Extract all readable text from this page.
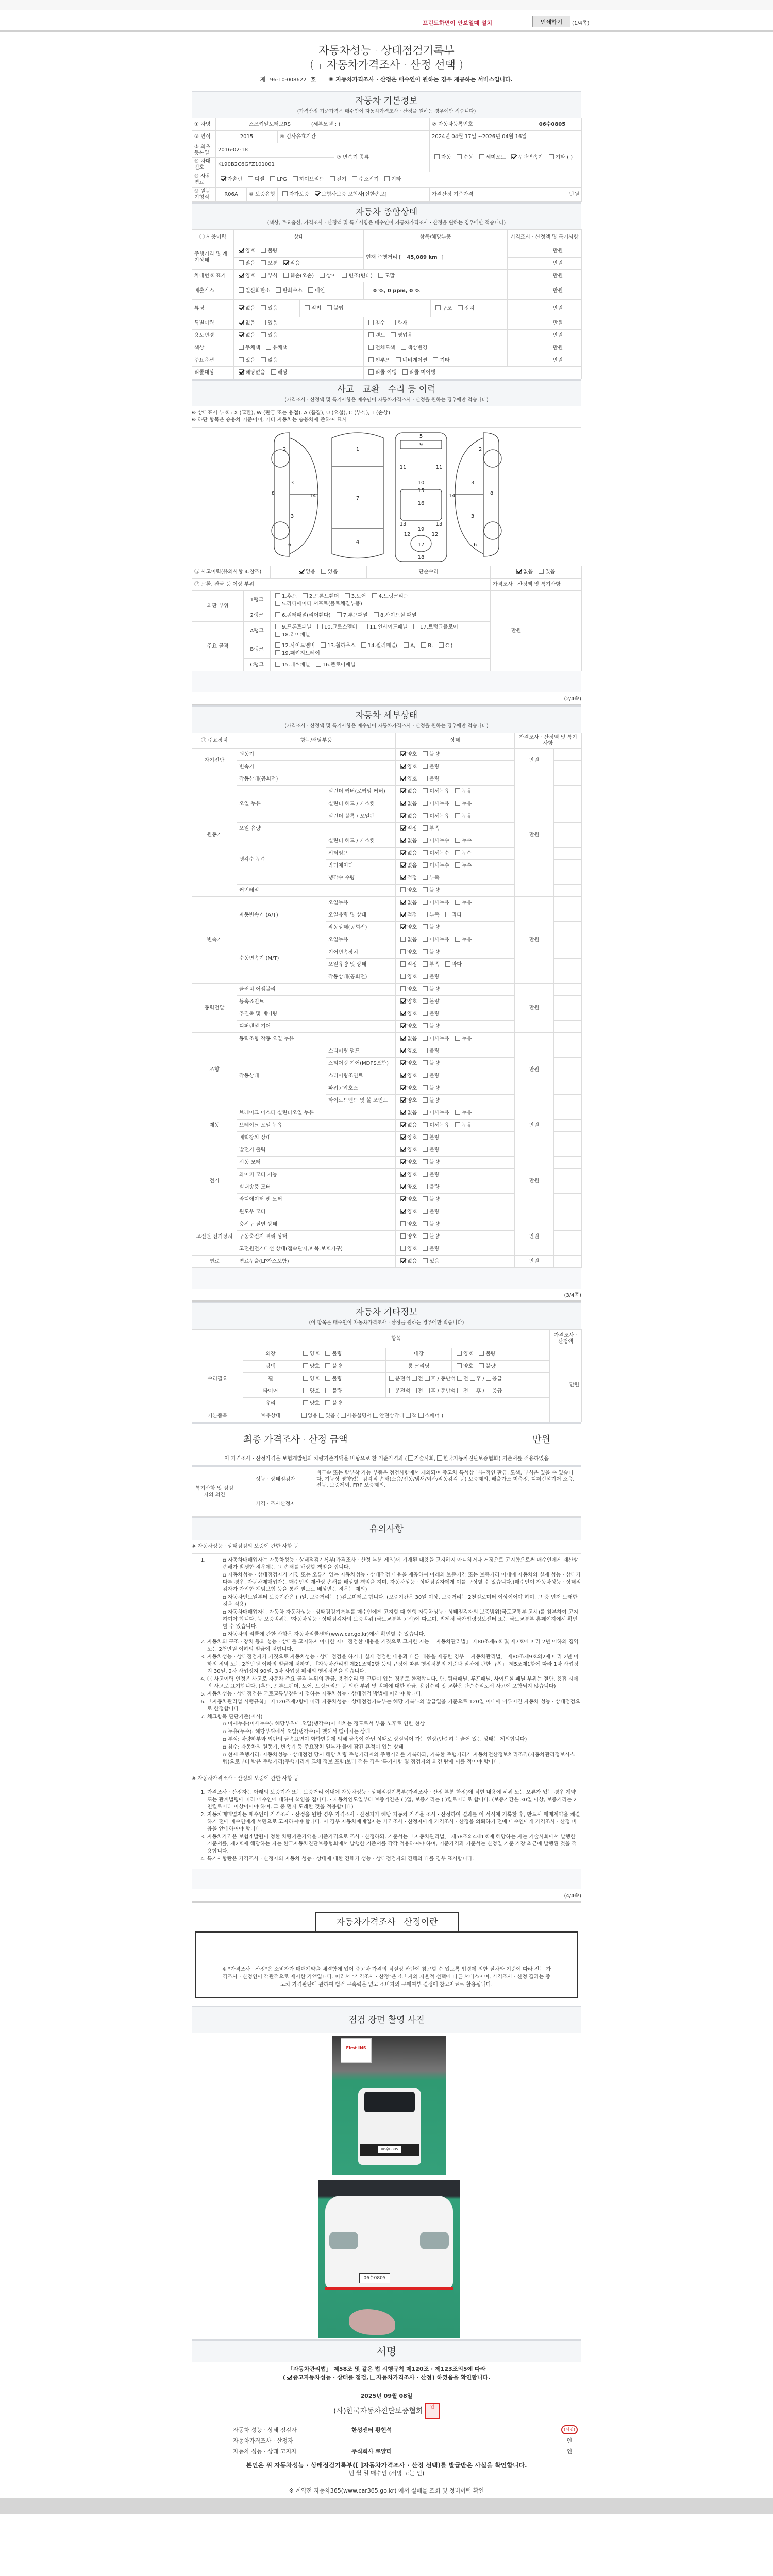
프린트화면이 안보일때 설치	인쇄하기	(1/4쪽)
자동차성능 · 상태점검기록부
( 자동차가격조사 · 산정 선택 )
제 96-10-008622 호 ※ 자동차가격조사 · 산정은 매수인이 원하는 경우 제공하는 서비스입니다.
자동차 기본정보

(가격산정 기준가격은 매수인이 자동차가격조사 · 산정을 원하는 경우에만 적습니다)

① 차명	스즈키알토터보RS (세부모델 : )				② 자동차등록번호	06수0805
③ 연식	2015		④ 검사유효기간		2024년 04월 17일 ~2026년 04월 16일	
⑤ 최초등록일	2016-02-18			⑦ 변속기 종류	자동 수동 세미오토 무단변속기 기타 ( )	
⑥ 차대번호	KL90B2C6GFZ101001					
⑧ 사용연료	가솔린 디젤 LPG 하이브리드 전기 수소전기 기타					
⑨ 원동기형식	R06A	⑩ 보증유형	자가보증 보험사보증 보험사[신한손보]		가격산정 기준가격	만원
자동차 종합상태

(색상, 주요옵션, 가격조사 · 산정액 및 특기사항은 매수인이 자동차가격조사 · 산정을 원하는 경우에만 적습니다)

⑪ 사용이력	상태		항목/해당부품		가격조사 · 산정액 및 특기사항	
주행거리 및 계기상태	양호 불량		현재 주행거리 [ 45,089 km ]		만원	
	많음 보통 적음				만원	
차대번호 표기	양호 부식 훼손(오손) 상이 변조(변타) 도말				만원	
배출가스	일산화탄소 탄화수소 매연		0 %, 0 ppm, 0 %		만원	
튜닝	없음 있음	적법 불법		구조 장치	만원	
특별이력	없음 있음		침수 화재		만원	
용도변경	없음 있음		렌트 영업용		만원	
색상	무채색 유채색		전체도색 색상변경		만원	
주요옵션	있음 없음		썬루프 네비게이션 기타		만원	
리콜대상	해당없음 해당		리콜 이행 리콜 미이행			
사고 · 교환 · 수리 등 이력

(가격조사 · 산정액 및 특기사항은 매수인이 자동차가격조사 · 산정을 원하는 경우에만 적습니다)

※ 상태표시 부호 : X (교환), W (판금 또는 용접), A (흠집), U (요철), C (부식), T (손상)
※ 하단 항목은 승용차 기준이며, 기타 자동차는 승용차에 준하여 표시
2
3
3
8	14
6
1
7
4
5
9
11	11
12	12
13	13
10
15
16
19
17
18
2
3
3
8
14
6
⑫ 사고이력(유의사항 4.참조)		없음 있음	단순수리	없음 있음	
⑬ 교환, 판금 등 이상 부위				가격조사 · 산정액 및 특기사항	
외판 부위	1랭크	1.후드 2.프론트휀더 3.도어 4.트렁크리드5.라디에이터 서포트(볼트체결부품)		만원	
	2랭크	6.쿼터패널(리어휀다) 7.루프패널 8.사이드실 패널			
주요 골격	A랭크	9.프론트패널 10.크로스멤버 11.인사이드패널 17.트렁크플로어18.리어패널			
	B랭크	12.사이드멤버 13.휠하우스 14.필러패널( A, B, C )19.패키지트레이			
	C랭크	15.대쉬패널 16.플로어패널			
(2/4쪽)
자동차 세부상태

(가격조사 · 산정액 및 특기사항은 매수인이 자동차가격조사 · 산정을 원하는 경우에만 적습니다)

⑭ 주요장치	항목/해당부품		상태	가격조사 · 산정액 및 특기사항	
자기진단	원동기		양호 불량	만원	
	변속기		양호 불량		
원동기	작동상태(공회전)		양호 불량	만원	
	오일 누유	실린더 커버(로커암 커버)	없음 미세누유 누유		
		실린더 헤드 / 개스킷	없음 미세누유 누유		
		실린더 블록 / 오일팬	없음 미세누유 누유		
	오일 유량		적정 부족		
	냉각수 누수	실린더 헤드 / 개스킷	없음 미세누수 누수		
		워터펌프	없음 미세누수 누수		
		라디에이터	없음 미세누수 누수		
		냉각수 수량	적정 부족		
	커먼레일		양호 불량		
변속기	자동변속기 (A/T)	오일누유	없음 미세누유 누유	만원	
		오일유량 및 상태	적정 부족 과다		
		작동상태(공회전)	양호 불량		
	수동변속기 (M/T)	오일누유	없음 미세누유 누유		
		기어변속장치	양호 불량		
		오일유량 및 상태	적정 부족 과다		
		작동상태(공회전)	양호 불량		
동력전달	클러치 어셈블리		양호 불량	만원	
	등속죠인트		양호 불량		
	추진축 및 베어링		양호 불량		
	디퍼렌셜 기어		양호 불량		
조향	동력조향 작동 오일 누유		없음 미세누유 누유	만원	
	작동상태	스티어링 펌프	양호 불량		
		스티어링 기어(MDPS포함)	양호 불량		
		스티어링조인트	양호 불량		
		파워고압호스	양호 불량		
		타이로드엔드 및 볼 조인트	양호 불량		
제동	브레이크 마스터 실린더오일 누유		없음 미세누유 누유	만원	
	브레이크 오일 누유		없음 미세누유 누유		
	배력장치 상태		양호 불량		
전기	발전기 출력		양호 불량	만원	
	시동 모터		양호 불량		
	와이퍼 모터 기능		양호 불량		
	실내송풍 모터		양호 불량		
	라디에이터 팬 모터		양호 불량		
	윈도우 모터		양호 불량		
고전원 전기장치	충전구 절연 상태		양호 불량	만원	
	구동축전지 격리 상태		양호 불량		
	고전원전기배선 상태(접속단자,피복,보호기구)		양호 불량		
연료	연료누출(LP가스포함)		없음 있음	만원	
(3/4쪽)
자동차 기타정보

(이 항목은 매수인이 자동차가격조사 · 산정을 원하는 경우에만 적습니다)

	항목				가격조사 · 산정액
수리필요	외장	양호 불량	내장	양호 불량	만원
	광택	양호 불량	룸 크리닝	양호 불량	
	휠	양호 불량	운전석 전 후 / 동반석 전 후 / 응급		
	타이어	양호 불량	운전석 전 후 / 동반석 전 후 / 응급		
	유리	양호 불량			
기본품목	보유상태	없음 있음 ( 사용설명서 안전삼각대 잭 스패너 )			
최종 가격조사 · 산정 금액	만원
이 가격조사 · 산정가격은 보험개발원의 차량기준가액을 바탕으로 한 기준가격과 ( 기술사회, 한국자동차진단보증협회) 기준서를 적용하였음
특기사항 및 점검자의 의견	성능 · 상태점검자	비금속 또는 탈부착 가능 부품은 점검사항에서 제외되며 중고차 특성상 부분적인 판금, 도색, 부식은 있을 수 있습니다. 기능상 영향없는 감각적 손해(소음/진동/냄새/외관/작동감각 등) 보증제외. 배출가스 미측정. 디퍼런셜기어 소음, 진동, 보증제외. FRP 보증제외.
	가격 · 조사산정자	
유의사항
※ 자동차성능 · 상태점검의 보증에 관한 사항 등
▫ 1. 자동차매매업자는 자동차성능 · 상태점검기록부(가격조사 · 산정 부분 제외)에 기재된 내용을 고지하지 아니하거나 거짓으로 고지함으로써 매수인에게 재산상 손해가 발생한 경우에는 그 손해를 배상할 책임을 집니다.
▫ 자동차성능 · 상태점검자가 거짓 또는 오류가 있는 자동차성능 · 상태점검 내용을 제공하여 아래의 보증기간 또는 보증거리 이내에 자동차의 실제 성능 · 상태가 다른 경우, 자동차매매업자는 매수인의 재산상 손해를 배상할 책임을 지며, 자동차성능 · 상태점검자에게 이를 구상할 수 있습니다.(매수인이 자동차성능 · 상태점검자가 가입한 책임보험 등을 통해 별도로 배상받는 경우는 제외)
▫ 자동차인도일부터 보증기간은 ( )일, 보증거리는 ( )킬로미터로 합니다. (보증기간은 30일 이상, 보증거리는 2천킬로미터 이상이어야 하며, 그 중 먼저 도래한 것을 적용)
▫ 자동차매매업자는 자동차 자동차성능 · 상태점검기록부를 매수인에게 고지할 때 현행 자동차성능 · 상태점검자의 보증범위(국토교통부 고시)를 첨부하여 고지하여야 합니다. 동 보증범위는 '자동차성능 · 상태점검자의 보증범위'(국토교통부 고시)에 따르며, 법제처 국가법령정보센터 또는 국토교통부 홈페이지에서 확인할 수 있습니다.
▫ 자동차의 리콜에 관한 사항은 자동차리콜센터(www.car.go.kr)에서 확인할 수 있습니다.
2. 자동차의 구조 · 장치 등의 성능 · 상태를 고지하지 아니한 자나 점검한 내용을 거짓으로 고지한 자는 「자동차관리법」 제80조제6호 및 제7호에 따라 2년 이하의 징역 또는 2천만원 이하의 벌금에 처합니다.
3. 자동차성능 · 상태점검자가 거짓으로 자동차성능 · 상태 점검을 하거나 실제 점검한 내용과 다른 내용을 제공한 경우 「자동차관리법」 제80조제9호의2에 따라 2년 이하의 징역 또는 2천만원 이하의 벌금에 처하며, 「자동차관리법 제21조제2항 등의 규정에 따른 행정처분의 기준과 절차에 관한 규칙」 제5조제1항에 따라 1차 사업정지 30일, 2차 사업정지 90일, 3차 사업장 폐쇄의 행정처분을 받습니다.
4. ⑫ 사고이력 인정은 사고로 자동차 주요 골격 부위의 판금, 용접수리 및 교환이 있는 경우로 한정합니다. 단, 쿼터패널, 루프패널, 사이드실 패널 부위는 절단, 용접 시에만 사고로 표기합니다. (후드, 프론트펜더, 도어, 트렁크리드 등 외판 부위 및 범퍼에 대한 판금, 용접수리 및 교환은 단순수리로서 사고에 포함되지 않습니다)
5. 자동차성능 · 상태점검은 국토교통부장관이 정하는 자동차성능 · 상태점검 방법에 따라야 합니다.
6. 「자동차관리법 시행규칙」 제120조제2항에 따라 자동차성능 · 상태점검기록부는 해당 기록부의 발급일을 기준으로 120일 이내에 이루어진 자동차 성능 · 상태점검으로 한정합니다
7. 체크항목 판단기준(예시)
▫ 미세누유(미세누수): 해당부위에 오일(냉각수)이 비치는 정도로서 부품 노후로 인한 현상
▫ 누유(누수): 해당부위에서 오일(냉각수)이 맺혀서 떨어지는 상태
▫ 부식: 차량하부와 외판의 금속표면이 화학반응에 의해 금속이 아닌 상태로 상실되어 가는 현상(단순히 녹슬어 있는 상태는 제외합니다)
▫ 침수: 자동차의 원동기, 변속기 등 주요장치 일부가 물에 잠긴 흔적이 있는 상태
▫ 현재 주행거리: 자동차성능 · 상태점검 당시 해당 차량 주행거리계의 주행거리를 기록하되, 기록한 주행거리가 자동차전산정보처리조직(자동차관리정보시스템)으로부터 받은 주행거리(주행거리계 교체 정보 포함)보다 적은 경우 '특기사항 및 점검자의 의견'란에 이를 적어야 합니다.
※ 자동차가격조사 · 산정의 보증에 관한 사항 등
1. 가격조사 · 산정자는 아래의 보증기간 또는 보증거리 이내에 자동차성능 · 상태점검기록부(가격조사 · 산정 부분 한정)에 적힌 내용에 허위 또는 오류가 있는 경우 계약 또는 관계법령에 따라 매수인에 대하여 책임을 집니다. · 자동차인도일부터 보증기간은 ( )일, 보증거리는 ( )킬로미터로 합니다. (보증기간은 30일 이상, 보증거리는 2천킬로미터 이상이어야 하며, 그 중 먼저 도래한 것을 적용합니다)
2. 자동차매매업자는 매수인이 가격조사 · 산정을 원할 경우 가격조사 · 산정자가 해당 자동차 가격을 조사 · 산정하여 결과를 이 서식에 기록한 후, 반드시 매매계약을 체결하기 전에 매수인에게 서면으로 고지하여야 합니다. 이 경우 자동차매매업자는 가격조사 · 산정자에게 가격조사 · 산정을 의뢰하기 전에 매수인에게 가격조사 · 산정 비용을 안내하여야 합니다.
3. 자동차가격은 보험개발원이 정한 차량기준가액을 기준가격으로 조사 · 산정하되, 기준서는 「자동차관리법」 제58조의4제1호에 해당하는 자는 기술사회에서 발행한 기준서를, 제2호에 해당하는 자는 한국자동차진단보증협회에서 발행한 기준서를 각각 적용하여야 하며, 기준가격과 기준서는 산정일 기준 가장 최근에 발행된 것을 적용합니다.
4. 특기사항란은 가격조사 · 산정자의 자동차 성능 · 상태에 대한 견해가 성능 · 상태점검자의 견해와 다를 경우 표시합니다.
(4/4쪽)
자동차가격조사 · 산정이란

※ "가격조사 · 산정"은 소비자가 매매계약을 체결함에 있어 중고차 가격의 적절성 판단에 참고할 수 있도록 법령에 의한 절차와 기준에 따라 전문 가격조사 · 산정인이 객관적으로 제시한 가액입니다. 따라서 "가격조사 · 산정"은 소비자의 자율적 선택에 따른 서비스이며, 가격조사 · 산정 결과는 중고차 가격판단에 관하여 법적 구속력은 없고 소비자의 구매여부 결정에 참고자료로 활용됩니다.

점검 장면 촬영 사진
First INS
06수0805
06수0805
서명

「자동차관리법」 제58조 및 같은 법 시행규칙 제120조 · 제123조의5에 따라

( 중고자동차성능 · 상태를 점검, 자동차가격조사 · 산정) 하였음을 확인합니다.

2025년 09월 08일

(사)한국자동차진단보증협회 인

자동차 성능 · 상태 점검자	한성센터 황현석	(서명)
자동차가격조사 · 산정자	인
자동차 성능 · 상태 고지자	주식회사 로얄티	인

본인은 위 자동차성능 · 상태점검기록부([ ]자동차가격조사 · 산정 선택)를 발급받은 사실을 확인합니다.

년 월 일 매수인 (서명 또는 인)

※ 계약전 자동차365(www.car365.go.kr) 에서 실매물 조회 및 정비이력 확인
